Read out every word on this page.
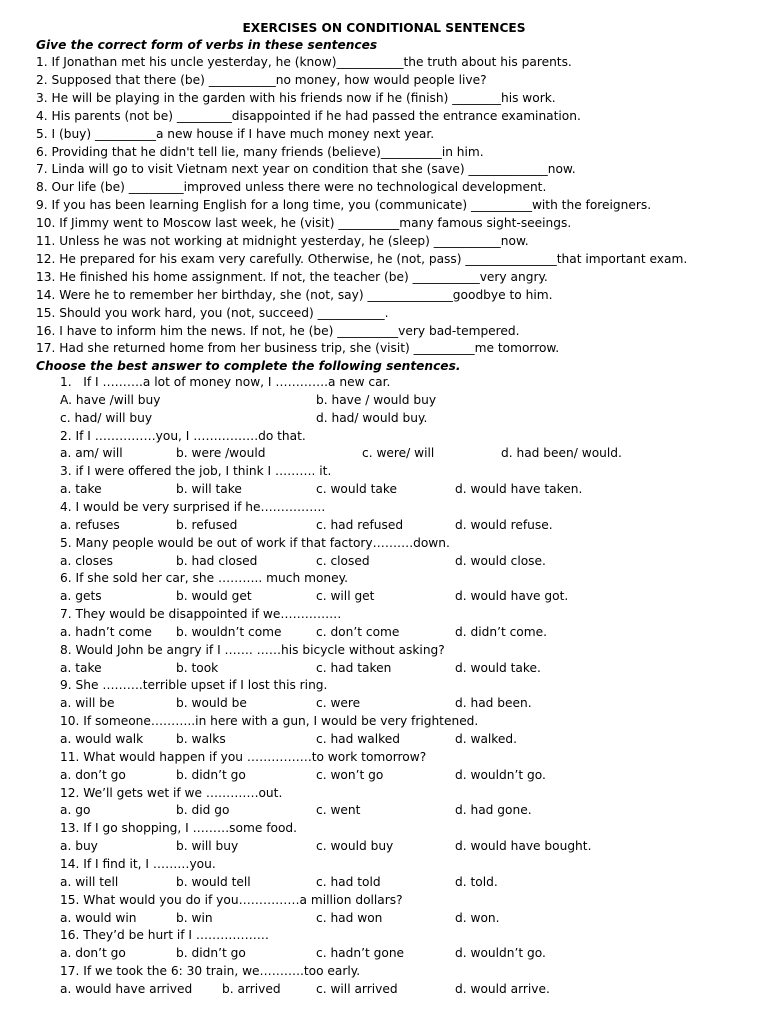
EXERCISES ON CONDITIONAL SENTENCES
Give the correct form of verbs in these sentences
1. If Jonathan met his uncle yesterday, he (know)___________the truth about his parents.
2. Supposed that there (be) ___________no money, how would people live?
3. He will be playing in the garden with his friends now if he (finish) ________his work.
4. His parents (not be) _________disappointed if he had passed the entrance examination.
5. I (buy) __________a new house if I have much money next year.
6. Providing that he didn't tell lie, many friends (believe)__________in him.
7. Linda will go to visit Vietnam next year on condition that she (save) _____________now.
8. Our life (be) _________improved unless there were no technological development.
9. If you has been learning English for a long time, you (communicate) __________with the foreigners.
10. If Jimmy went to Moscow last week, he (visit) __________many famous sight-seeings.
11. Unless he was not working at midnight yesterday, he (sleep) ___________now.
12. He prepared for his exam very carefully. Otherwise, he (not, pass) _______________that important exam.
13. He finished his home assignment. If not, the teacher (be) ___________very angry.
14. Were he to remember her birthday, she (not, say) ______________goodbye to him.
15. Should you work hard, you (not, succeed) ___________.
16. I have to inform him the news. If not, he (be) __________very bad-tempered.
17. Had she returned home from her business trip, she (visit) __________me tomorrow.
Choose the best answer to complete the following sentences.
1.   If I ……….a lot of money now, I ………….a new car.
A. have /will buy	b. have / would buy
c. had/ will buy	d. had/ would buy.
2. If I ……………you, I …………….do that.
a. am/ will	b. were /would	c. were/ will	d. had been/ would.
3. if I were offered the job, I think I ………. it.
a. take	b. will take	c. would take	d. would have taken.
4. I would be very surprised if he…………….
a. refuses	b. refused	c. had refused	d. would refuse.
5. Many people would be out of work if that factory……….down.
a. closes	b. had closed	c. closed	d. would close.
6. If she sold her car, she ……….. much money.
a. gets	b. would get	c. will get	d. would have got.
7. They would be disappointed if we……………
a. hadn’t come b. wouldn’t come	c. don’t come	d. didn’t come.
8. Would John be angry if I ……. ……his bicycle without asking?
a. take	b. took	c. had taken	d. would take.
9. She ……….terrible upset if I lost this ring.
a. will be	b. would be	c. were	d. had been.
10. If someone………..in here with a gun, I would be very frightened.
a. would walk	b. walks	c. had walked	d. walked.
11. What would happen if you …………….to work tomorrow?
a. don’t go	b. didn’t go	c. won’t go	d. wouldn’t go.
12. We’ll gets wet if we ………….out.
a. go	b. did go	c. went	d. had gone.
13. If I go shopping, I ………some food.
a. buy	b. will buy	c. would buy	d. would have bought.
14. If I find it, I ………you.
a. will tell	b. would tell	c. had told	d. told.
15. What would you do if you……………a million dollars?
a. would win	b. win	c. had won	d. won.
16. They’d be hurt if I ………………
a. don’t go	b. didn’t go	c. hadn’t gone	d. wouldn’t go.
17. If we took the 6: 30 train, we………..too early.
a. would have arrived b. arrived	c. will arrived	d. would arrive.
